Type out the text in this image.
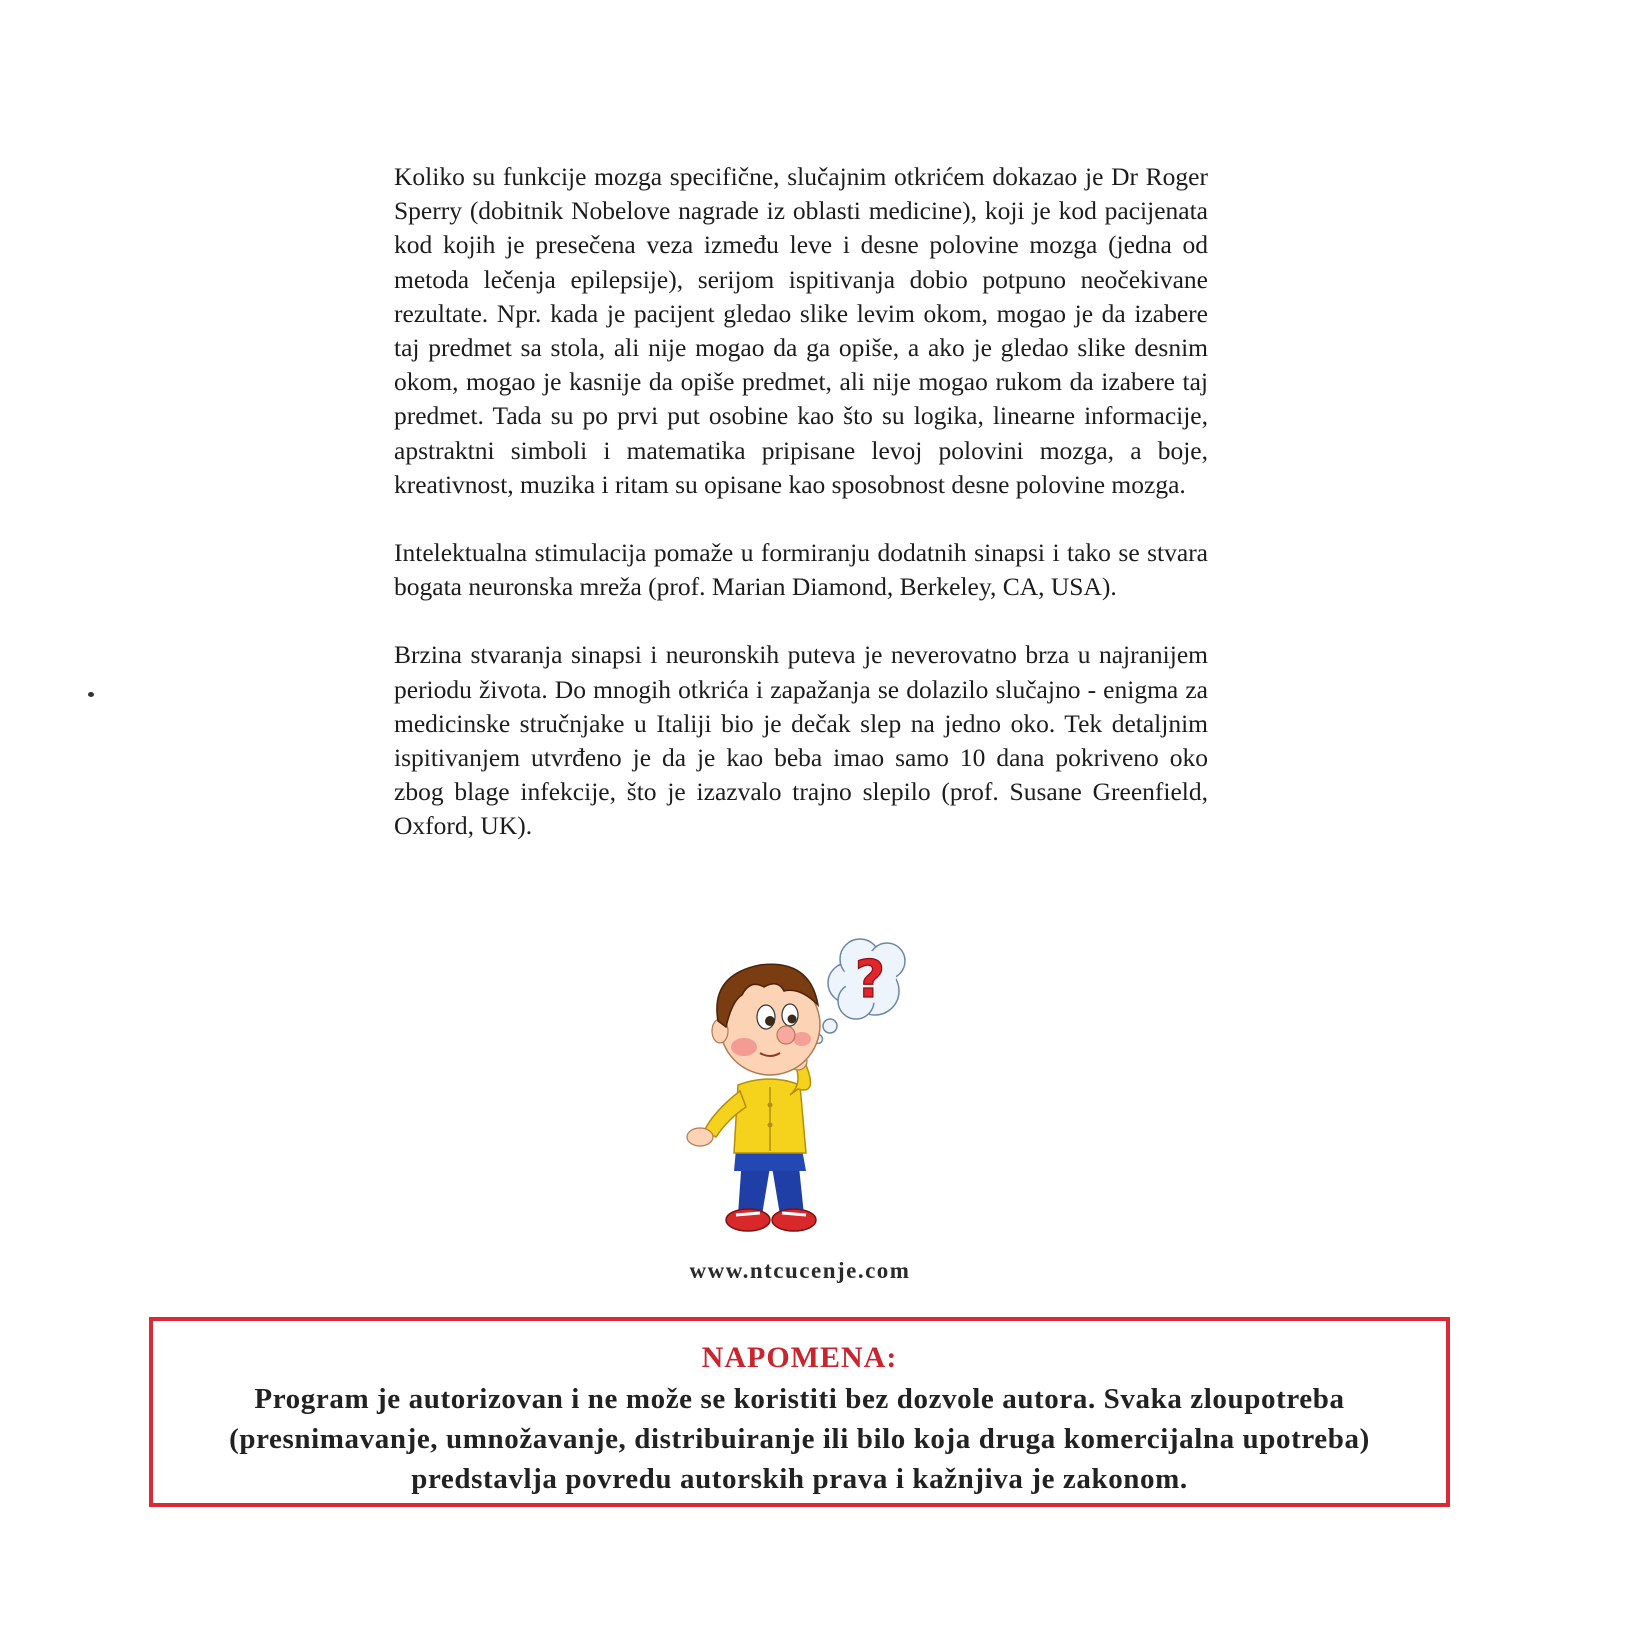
Koliko su funkcije mozga specifične, slučajnim otkrićem dokazao je Dr Roger Sperry (dobitnik Nobelove nagrade iz oblasti medicine), koji je kod pacijenata kod kojih je presečena veza između leve i desne polovine mozga (jedna od metoda lečenja epilepsije), serijom ispitivanja dobio potpuno neočekivane rezultate. Npr. kada je pacijent gledao slike levim okom, mogao je da izabere taj predmet sa stola, ali nije mogao da ga opiše, a ako je gledao slike desnim okom, mogao je kasnije da opiše predmet, ali nije mogao rukom da izabere taj predmet. Tada su po prvi put osobine kao što su logika, linearne informacije, apstraktni simboli i matematika pripisane levoj polovini mozga, a boje, kreativnost, muzika i ritam su opisane kao sposobnost desne polovine mozga.

Intelektualna stimulacija pomaže u formiranju dodatnih sinapsi i tako se stvara bogata neuronska mreža (prof. Marian Diamond, Berkeley, CA, USA).

Brzina stvaranja sinapsi i neuronskih puteva je neverovatno brza u najranijem periodu života. Do mnogih otkrića i zapažanja se dolazilo slučajno - enigma za medicinske stručnjake u Italiji bio je dečak slep na jedno oko. Tek detaljnim ispitivanjem utvrđeno je da je kao beba imao samo 10 dana pokriveno oko zbog blage infekcije, što je izazvalo trajno slepilo (prof. Susane Greenfield, Oxford, UK).

?
www.ntcucenje.com
NAPOMENA:
Program je autorizovan i ne može se koristiti bez dozvole autora. Svaka zloupotreba (presnimavanje, umnožavanje, distribuiranje ili bilo koja druga komercijalna upotreba) predstavlja povredu autorskih prava i kažnjiva je zakonom.
